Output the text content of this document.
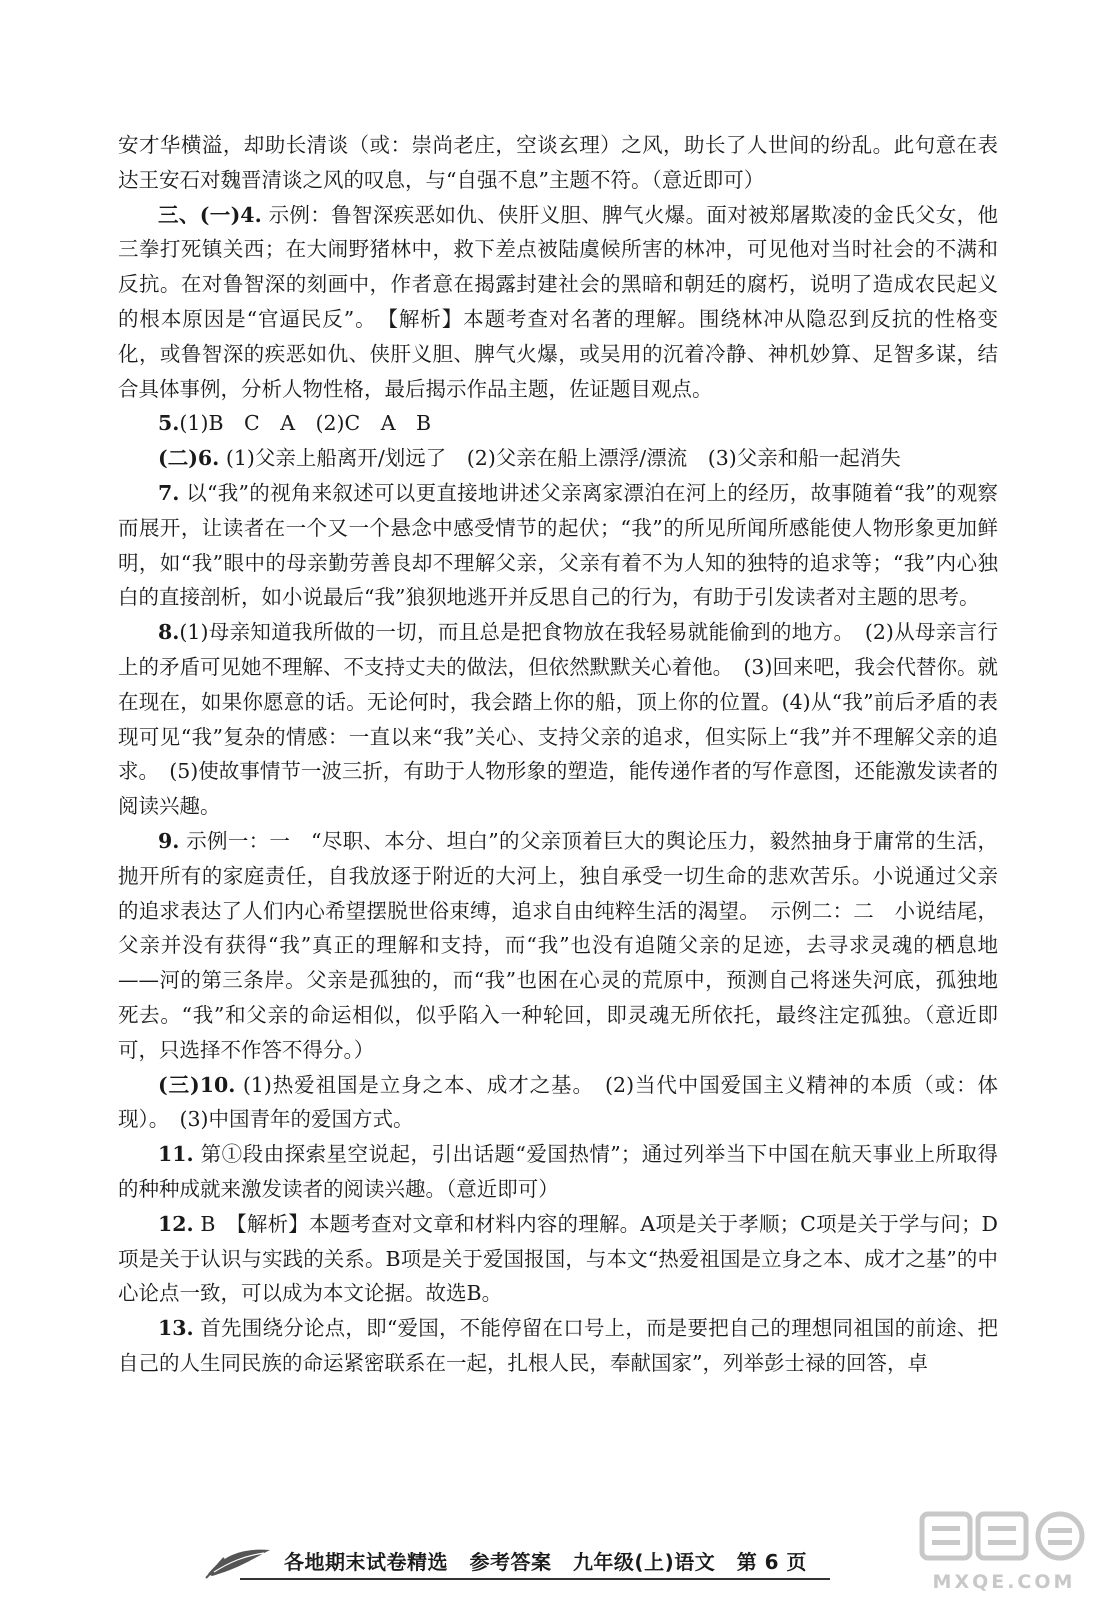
安才华横溢，却助长清谈（或：崇尚老庄，空谈玄理）之风，助长了人世间的纷乱。此句意在表达王安石对魏晋清谈之风的叹息，与“自强不息”主题不符。（意近即可）

三、(一)4. 示例：鲁智深疾恶如仇、侠肝义胆、脾气火爆。面对被郑屠欺凌的金氏父女，他三拳打死镇关西；在大闹野猪林中，救下差点被陆虞候所害的林冲，可见他对当时社会的不满和反抗。在对鲁智深的刻画中，作者意在揭露封建社会的黑暗和朝廷的腐朽，说明了造成农民起义的根本原因是“官逼民反”。　【解析】本题考查对名著的理解。围绕林冲从隐忍到反抗的性格变化，或鲁智深的疾恶如仇、侠肝义胆、脾气火爆，或吴用的沉着冷静、神机妙算、足智多谋，结合具体事例，分析人物性格，最后揭示作品主题，佐证题目观点。

5.(1)B　C　A　(2)C　A　B

(二)6. (1)父亲上船离开/划远了　(2)父亲在船上漂浮/漂流　(3)父亲和船一起消失

7. 以“我”的视角来叙述可以更直接地讲述父亲离家漂泊在河上的经历，故事随着“我”的观察而展开，让读者在一个又一个悬念中感受情节的起伏；“我”的所见所闻所感能使人物形象更加鲜明，如“我”眼中的母亲勤劳善良却不理解父亲，父亲有着不为人知的独特的追求等；“我”内心独白的直接剖析，如小说最后“我”狼狈地逃开并反思自己的行为，有助于引发读者对主题的思考。

8.(1)母亲知道我所做的一切，而且总是把食物放在我轻易就能偷到的地方。　(2)从母亲言行上的矛盾可见她不理解、不支持丈夫的做法，但依然默默关心着他。　(3)回来吧，我会代替你。就在现在，如果你愿意的话。无论何时，我会踏上你的船，顶上你的位置。(4)从“我”前后矛盾的表现可见“我”复杂的情感：一直以来“我”关心、支持父亲的追求，但实际上“我”并不理解父亲的追求。　(5)使故事情节一波三折，有助于人物形象的塑造，能传递作者的写作意图，还能激发读者的阅读兴趣。

9. 示例一：一　“尽职、本分、坦白”的父亲顶着巨大的舆论压力，毅然抽身于庸常的生活，抛开所有的家庭责任，自我放逐于附近的大河上，独自承受一切生命的悲欢苦乐。小说通过父亲的追求表达了人们内心希望摆脱世俗束缚，追求自由纯粹生活的渴望。　示例二：二　小说结尾，父亲并没有获得“我”真正的理解和支持，而“我”也没有追随父亲的足迹，去寻求灵魂的栖息地——河的第三条岸。父亲是孤独的，而“我”也困在心灵的荒原中，预测自己将迷失河底，孤独地死去。“我”和父亲的命运相似，似乎陷入一种轮回，即灵魂无所依托，最终注定孤独。（意近即可，只选择不作答不得分。）

(三)10. (1)热爱祖国是立身之本、成才之基。　(2)当代中国爱国主义精神的本质（或：体现）。　(3)中国青年的爱国方式。

11. 第①段由探索星空说起，引出话题“爱国热情”；通过列举当下中国在航天事业上所取得的种种成就来激发读者的阅读兴趣。（意近即可）

12. B　【解析】本题考查对文章和材料内容的理解。A项是关于孝顺；C项是关于学与问；D项是关于认识与实践的关系。B项是关于爱国报国，与本文“热爱祖国是立身之本、成才之基”的中心论点一致，可以成为本文论据。故选B。

13. 首先围绕分论点，即“爱国，不能停留在口号上，而是要把自己的理想同祖国的前途、把自己的人生同民族的命运紧密联系在一起，扎根人民，奉献国家”，列举彭士禄的回答，卓

各地期末试卷精选 参考答案 九年级(上)语文 第 6 页
MXQE.COM
